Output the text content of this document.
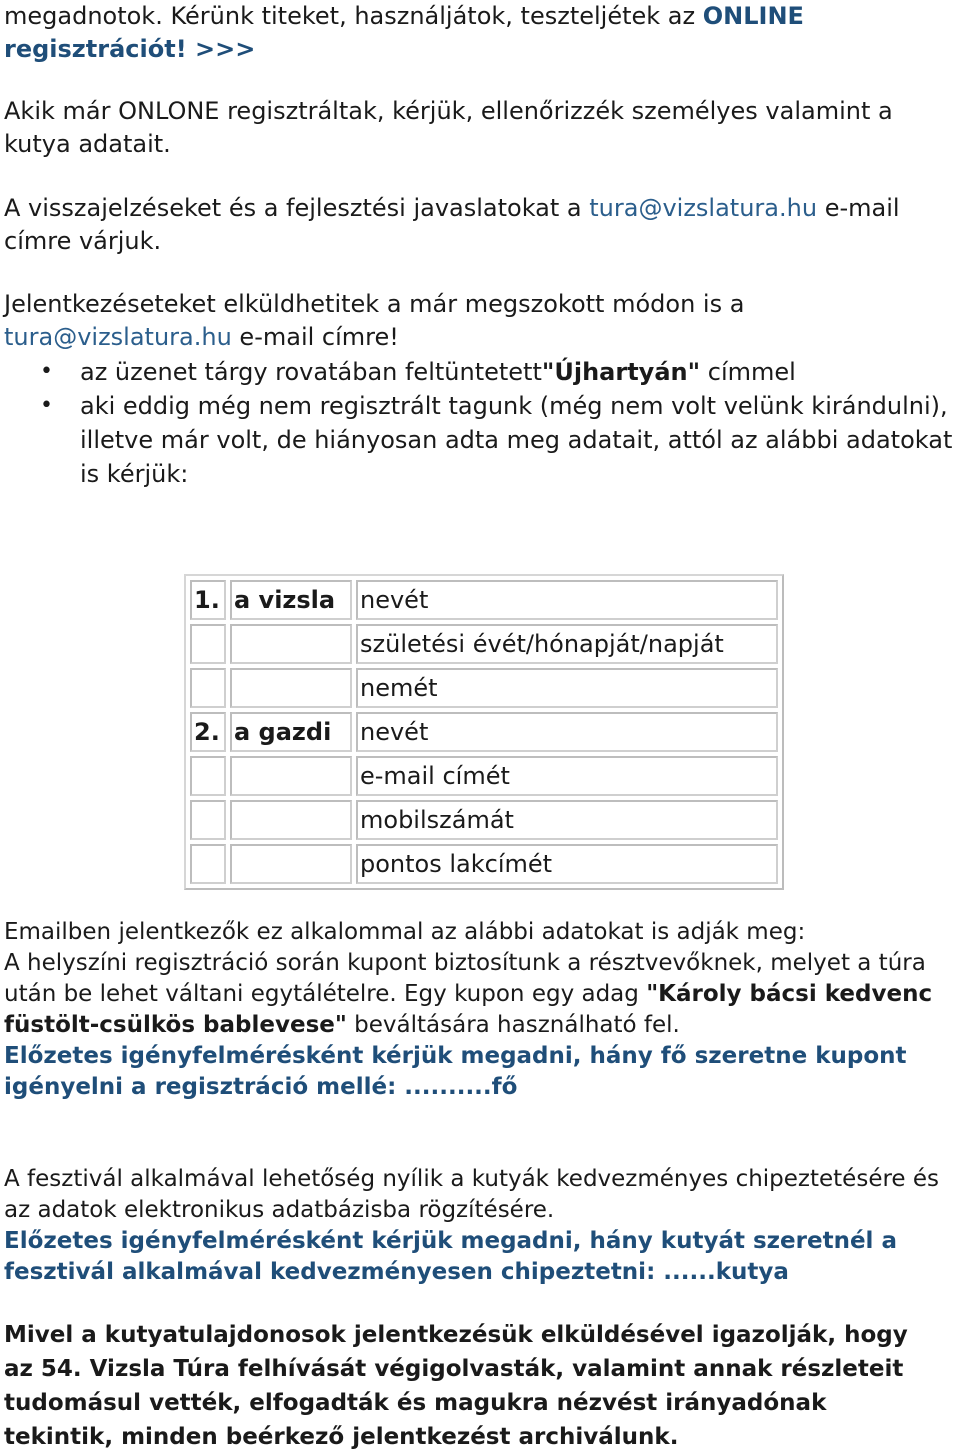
megadnotok. Kérünk titeket, használjátok, teszteljétek az ONLINE regisztrációt! >>>

Akik már ONLONE regisztráltak, kérjük, ellenőrizzék személyes valamint a kutya adatait.

A visszajelzéseket és a fejlesztési javaslatokat a tura@vizslatura.hu e-mail címre várjuk.

Jelentkezéseteket elküldhetitek a már megszokott módon is a tura@vizslatura.hu e-mail címre!

• az üzenet tárgy rovatában feltüntetett"Újhartyán" címmel
• aki eddig még nem regisztrált tagunk (még nem volt velünk kirándulni), illetve már volt, de hiányosan adta meg adatait, attól az alábbi adatokat is kérjük:
1.	a vizsla	nevét
		születési évét/hónapját/napját
		nemét
2.	a gazdi	nevét
		e-mail címét
		mobilszámát
		pontos lakcímét
Emailben jelentkezők ez alkalommal az alábbi adatokat is adják meg:
A helyszíni regisztráció során kupont biztosítunk a résztvevőknek, melyet a túra után be lehet váltani egytálételre. Egy kupon egy adag "Károly bácsi kedvenc füstölt-csülkös bablevese" beváltására használható fel.
Előzetes igényfelmérésként kérjük megadni, hány fő szeretne kupont igényelni a regisztráció mellé: ..........fő
A fesztivál alkalmával lehetőség nyílik a kutyák kedvezményes chipeztetésére és az adatok elektronikus adatbázisba rögzítésére.
Előzetes igényfelmérésként kérjük megadni, hány kutyát szeretnél a fesztivál alkalmával kedvezményesen chipeztetni: ......kutya

Mivel a kutyatulajdonosok jelentkezésük elküldésével igazolják, hogy az 54. Vizsla Túra felhívását végigolvasták, valamint annak részleteit tudomásul vették, elfogadták és magukra nézvést irányadónak tekintik, minden beérkező jelentkezést archiválunk.
